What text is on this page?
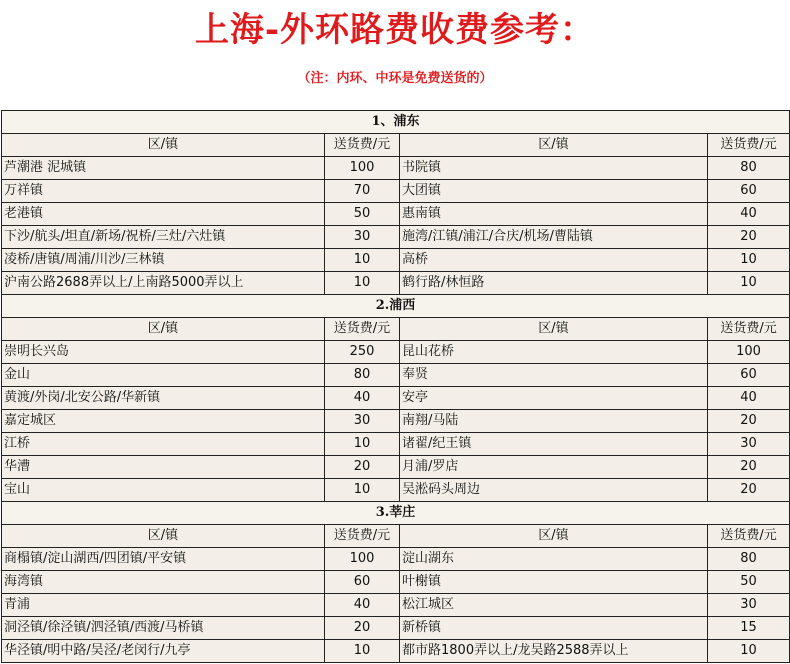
上海-外环路费收费参考：
（注：内环、中环是免费送货的）
1、浦东			
区/镇	送货费/元	区/镇	送货费/元
芦潮港 泥城镇	100	书院镇	80
万祥镇	70	大团镇	60
老港镇	50	惠南镇	40
下沙/航头/坦直/新场/祝桥/三灶/六灶镇	30	施湾/江镇/浦江/合庆/机场/曹陆镇	20
凌桥/唐镇/周浦/川沙/三林镇	10	高桥	10
沪南公路2688弄以上/上南路5000弄以上	10	鹤行路/林恒路	10
2.浦西			
区/镇	送货费/元	区/镇	送货费/元
崇明长兴岛	250	昆山花桥	100
金山	80	奉贤	60
黄渡/外岗/北安公路/华新镇	40	安亭	40
嘉定城区	30	南翔/马陆	20
江桥	10	诸翟/纪王镇	30
华漕	20	月浦/罗店	20
宝山	10	吴淞码头周边	20
3.莘庄			
区/镇	送货费/元	区/镇	送货费/元
商榻镇/淀山湖西/四团镇/平安镇	100	淀山湖东	80
海湾镇	60	叶榭镇	50
青浦	40	松江城区	30
洞泾镇/徐泾镇/泗泾镇/西渡/马桥镇	20	新桥镇	15
华泾镇/明中路/吴泾/老闵行/九亭	10	都市路1800弄以上/龙吴路2588弄以上	10
